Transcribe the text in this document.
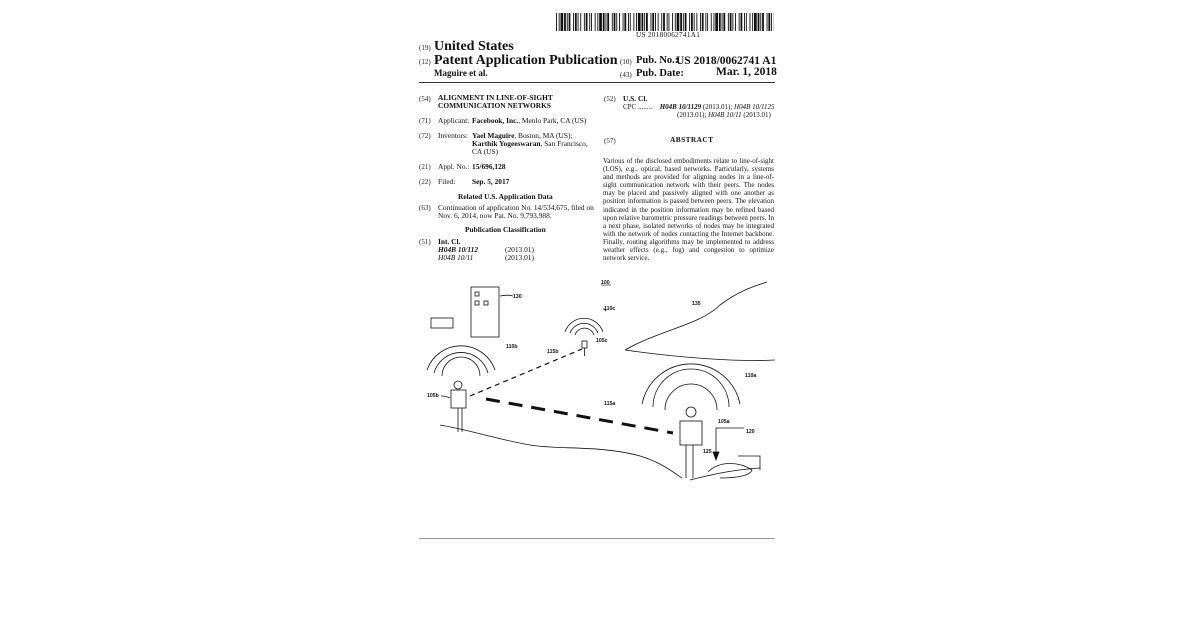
US 20180062741A1
(19) United States
(12) Patent Application Publication
Maguire et al.
(10) Pub. No.:
US 2018/0062741 A1
(43) Pub. Date:	Mar. 1, 2018
(54) ALIGNMENT IN LINE-OF-SIGHT
COMMUNICATION NETWORKS
(71) Applicant: Facebook, Inc., Menlo Park, CA (US)
(72) Inventors: Yael Maguire, Boston, MA (US);
Karthik Yogeeswaran, San Francisco,
CA (US)
(21) Appl. No.: 15/696,128
(22) Filed: Sep. 5, 2017
Related U.S. Application Data
(63) Continuation of application No. 14/534,675, filed on
Nov. 6, 2014, now Pat. No. 9,793,988.
Publication Classification
(51) Int. Cl.
H04B 10/112	(2013.01)
H04B 10/11	(2013.01)
(52) U.S. Cl.
CPC ........ H04B 10/1129 (2013.01); H04B 10/1125
(2013.01); H04B 10/11 (2013.01)
(57)	ABSTRACT
Various of the disclosed embodiments relate to line-of-sight (LOS), e.g., optical, based networks. Particularly, systems and methods are provided for aligning nodes in a line-of-sight communication network with their peers. The nodes may be placed and passively aligned with one another as position information is passed between peers. The elevation indicated in the position information may be refined based upon relative barometric pressure readings between peers. In a next phase, isolated networks of nodes may be integrated with the network of nodes contacting the Internet backbone. Finally, routing algorithms may be implemented to address weather effects (e.g., fog) and congestion to optimize network service.
100
130
135
110c
105c
110b
115b
105b
115a
110a
105a
120
125
